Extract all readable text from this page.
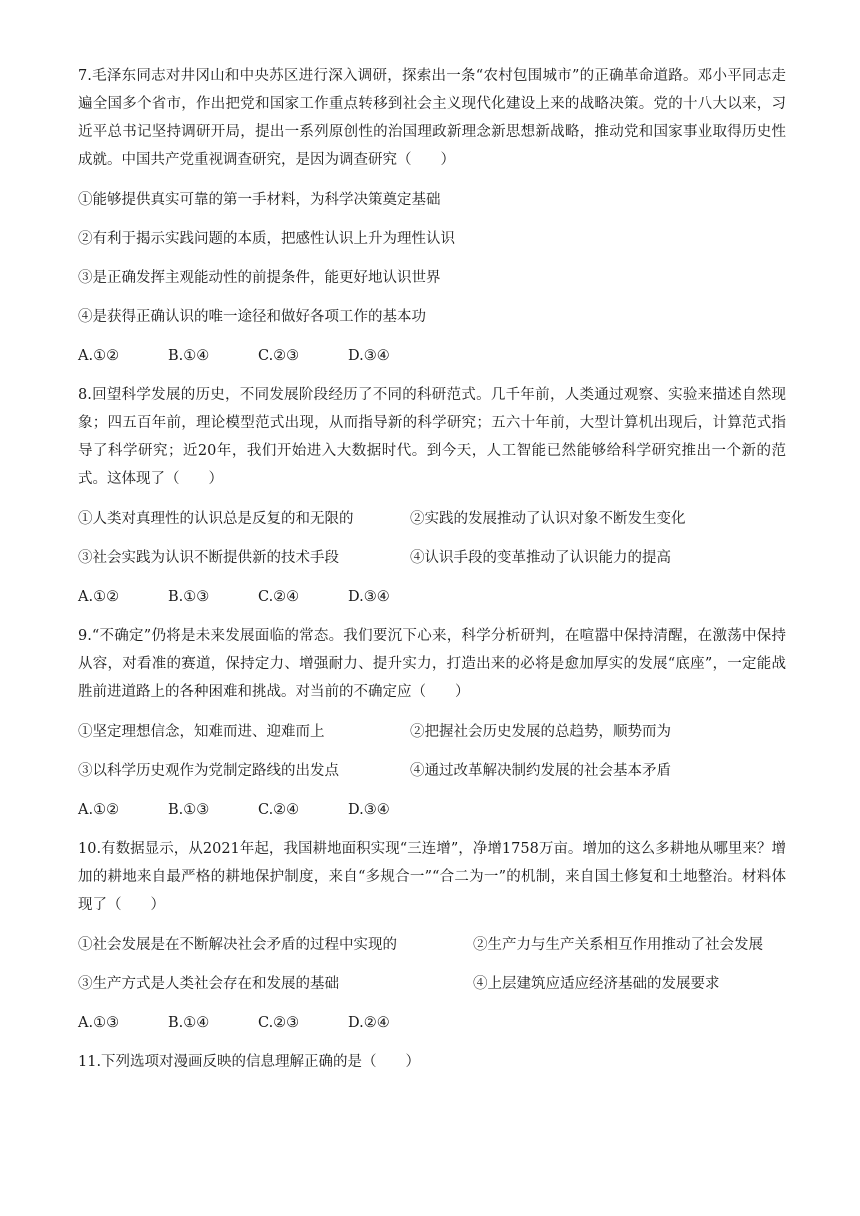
7.毛泽东同志对井冈山和中央苏区进行深入调研，探索出一条“农村包围城市”的正确革命道路。邓小平同志走遍全国多个省市，作出把党和国家工作重点转移到社会主义现代化建设上来的战略决策。党的十八大以来，习近平总书记坚持调研开局，提出一系列原创性的治国理政新理念新思想新战略，推动党和国家事业取得历史性成就。中国共产党重视调查研究，是因为调查研究（　　）

①能够提供真实可靠的第一手材料，为科学决策奠定基础
②有利于揭示实践问题的本质，把感性认识上升为理性认识
③是正确发挥主观能动性的前提条件，能更好地认识世界
④是获得正确认识的唯一途径和做好各项工作的基本功
A.①②	B.①④	C.②③	D.③④

8.回望科学发展的历史，不同发展阶段经历了不同的科研范式。几千年前，人类通过观察、实验来描述自然现象；四五百年前，理论模型范式出现，从而指导新的科学研究；五六十年前，大型计算机出现后，计算范式指导了科学研究；近20年，我们开始进入大数据时代。到今天，人工智能已然能够给科学研究推出一个新的范式。这体现了（　　）

①人类对真理性的认识总是反复的和无限的	②实践的发展推动了认识对象不断发生变化
③社会实践为认识不断提供新的技术手段	④认识手段的变革推动了认识能力的提高
A.①②	B.①③	C.②④	D.③④

9.“不确定”仍将是未来发展面临的常态。我们要沉下心来，科学分析研判，在喧嚣中保持清醒，在激荡中保持从容，对看准的赛道，保持定力、增强耐力、提升实力，打造出来的必将是愈加厚实的发展“底座”，一定能战胜前进道路上的各种困难和挑战。对当前的不确定应（　　）

①坚定理想信念，知难而进、迎难而上	②把握社会历史发展的总趋势，顺势而为
③以科学历史观作为党制定路线的出发点	④通过改革解决制约发展的社会基本矛盾
A.①②	B.①③	C.②④	D.③④

10.有数据显示，从2021年起，我国耕地面积实现“三连增”，净增1758万亩。增加的这么多耕地从哪里来？增加的耕地来自最严格的耕地保护制度，来自“多规合一”“合二为一”的机制，来自国土修复和土地整治。材料体现了（　　）

①社会发展是在不断解决社会矛盾的过程中实现的	②生产力与生产关系相互作用推动了社会发展
③生产方式是人类社会存在和发展的基础	④上层建筑应适应经济基础的发展要求
A.①③	B.①④	C.②③	D.②④

11.下列选项对漫画反映的信息理解正确的是（　　）
